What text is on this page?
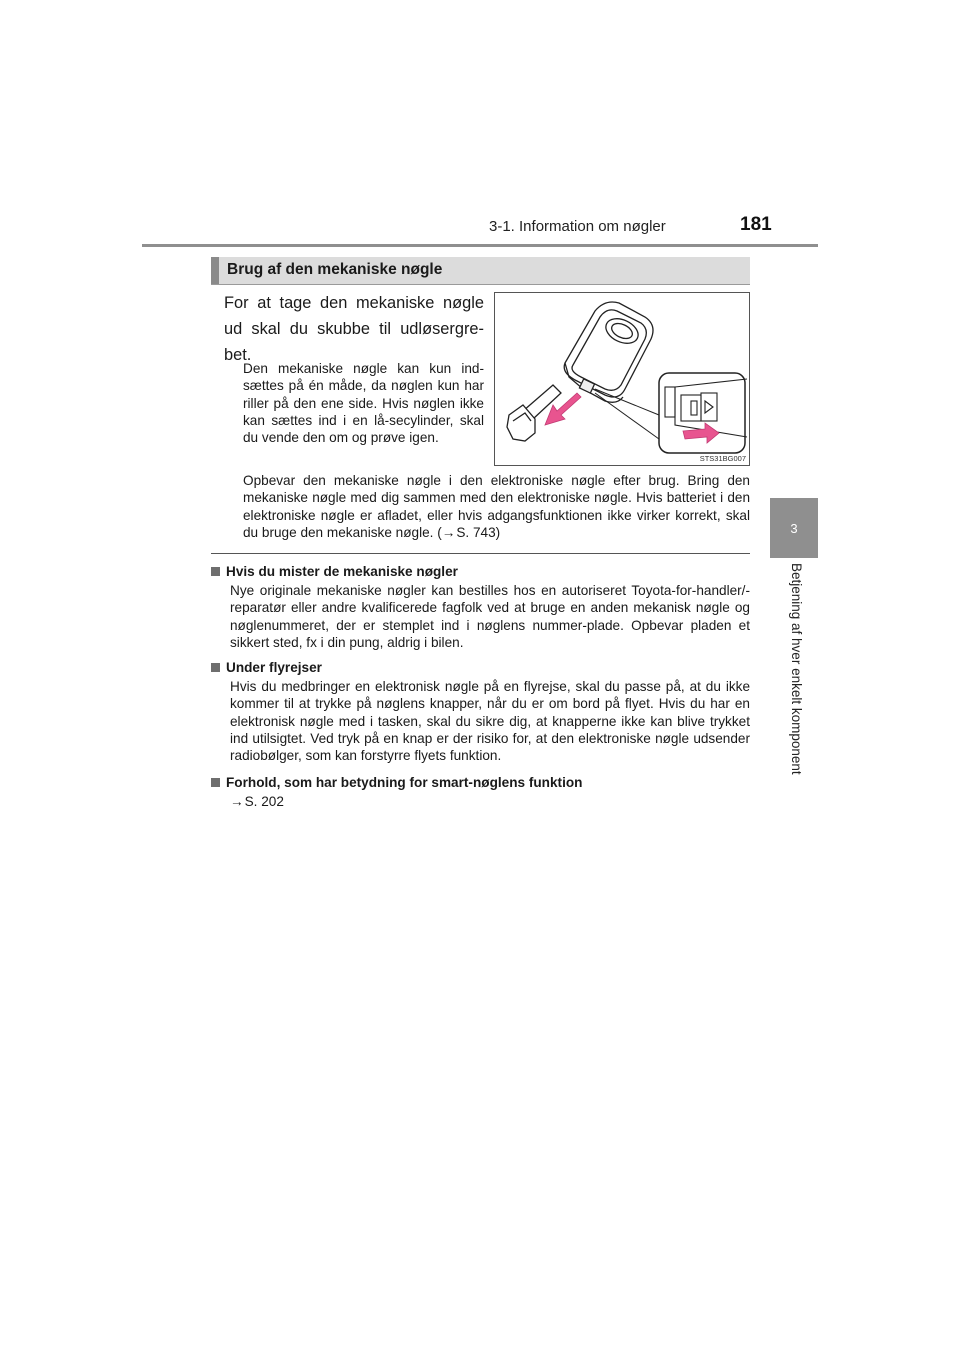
3-1. Information om nøgler	181
3
Betjening af hver enkelt komponent
Brug af den mekaniske nøgle
For at tage den mekaniske nøgle ud skal du skubbe til udløsergre-bet.
Den mekaniske nøgle kan kun ind-sættes på én måde, da nøglen kun har riller på den ene side. Hvis nøglen ikke kan sættes ind i en lå-secylinder, skal du vende den om og prøve igen.
STS31BG007
Opbevar den mekaniske nøgle i den elektroniske nøgle efter brug. Bring den mekaniske nøgle med dig sammen med den elektroniske nøgle. Hvis batteriet i den elektroniske nøgle er afladet, eller hvis adgangsfunktionen ikke virker korrekt, skal du bruge den mekaniske nøgle. (→S. 743)
Hvis du mister de mekaniske nøgler
Nye originale mekaniske nøgler kan bestilles hos en autoriseret Toyota-for-handler/-reparatør eller andre kvalificerede fagfolk ved at bruge en anden mekanisk nøgle og nøglenummeret, der er stemplet ind i nøglens nummer-plade. Opbevar pladen et sikkert sted, fx i din pung, aldrig i bilen.
Under flyrejser
Hvis du medbringer en elektronisk nøgle på en flyrejse, skal du passe på, at du ikke kommer til at trykke på nøglens knapper, når du er om bord på flyet. Hvis du har en elektronisk nøgle med i tasken, skal du sikre dig, at knapperne ikke kan blive trykket ind utilsigtet. Ved tryk på en knap er der risiko for, at den elektroniske nøgle udsender radiobølger, som kan forstyrre flyets funktion.
Forhold, som har betydning for smart-nøglens funktion
→S. 202
